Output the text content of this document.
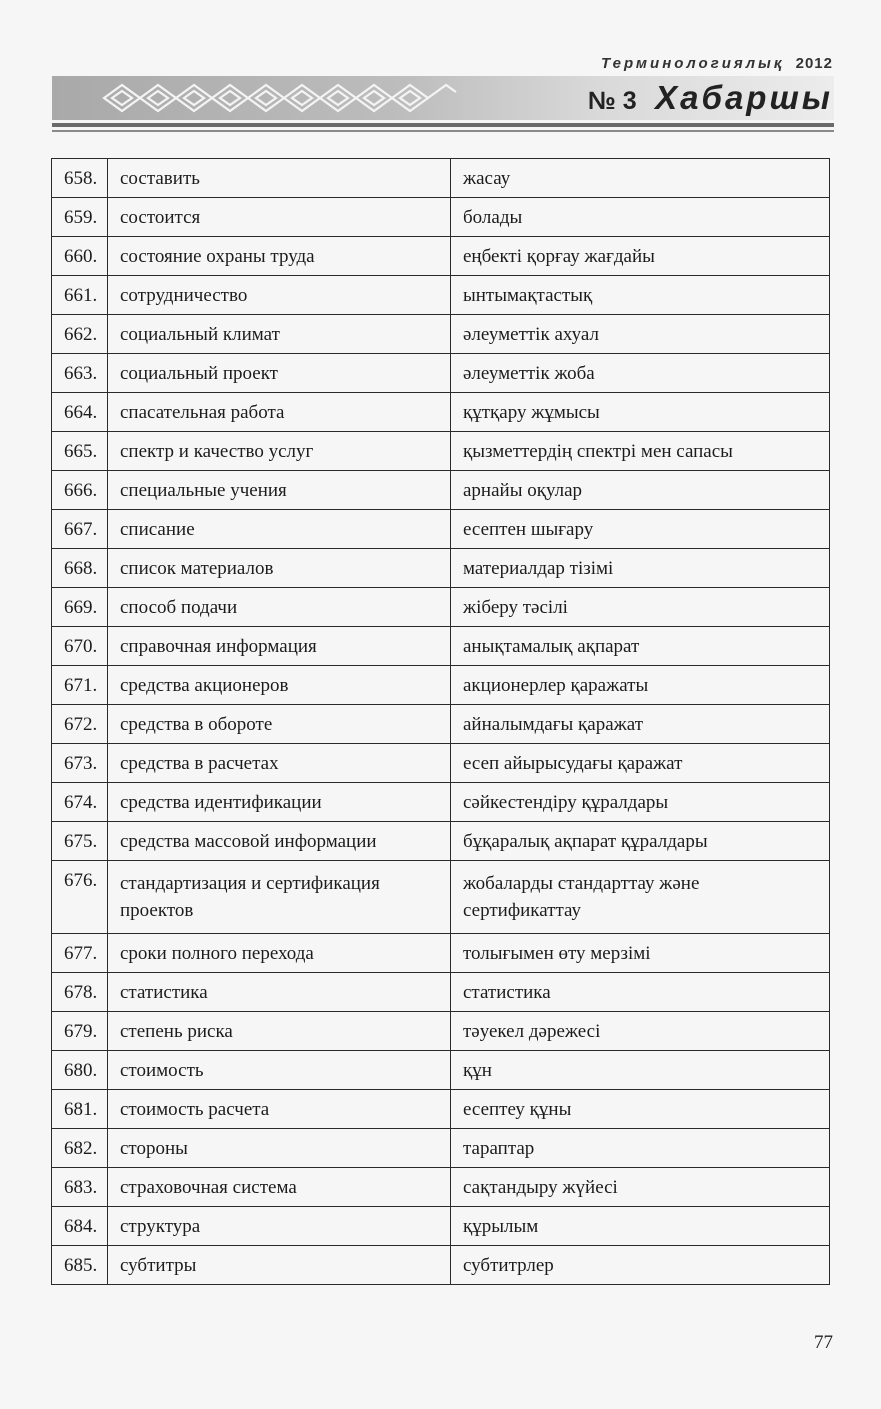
Терминологиялық 2012
№ 3 Хабаршы
658.	составить	жасау
659.	состоится	болады
660.	состояние охраны труда	еңбекті қорғау жағдайы
661.	сотрудничество	ынтымақтастық
662.	социальный климат	әлеуметтік ахуал
663.	социальный проект	әлеуметтік жоба
664.	спасательная работа	құтқару жұмысы
665.	спектр и качество услуг	қызметтердің спектрі мен сапасы
666.	специальные учения	арнайы оқулар
667.	списание	есептен шығару
668.	список материалов	материалдар тізімі
669.	способ подачи	жіберу тәсілі
670.	справочная информация	анықтамалық ақпарат
671.	средства акционеров	акционерлер қаражаты
672.	средства в обороте	айналымдағы қаражат
673.	средства в расчетах	есеп айырысудағы қаражат
674.	средства идентификации	сәйкестендіру құралдары
675.	средства массовой информации	бұқаралық ақпарат құралдары
676.	стандартизация и сертификация проектов	жобаларды стандарттау және сертификаттау
677.	сроки полного перехода	толығымен өту мерзімі
678.	статистика	статистика
679.	степень риска	тәуекел дәрежесі
680.	стоимость	құн
681.	стоимость расчета	есептеу құны
682.	стороны	тараптар
683.	страховочная система	сақтандыру жүйесі
684.	структура	құрылым
685.	субтитры	субтитрлер
77
